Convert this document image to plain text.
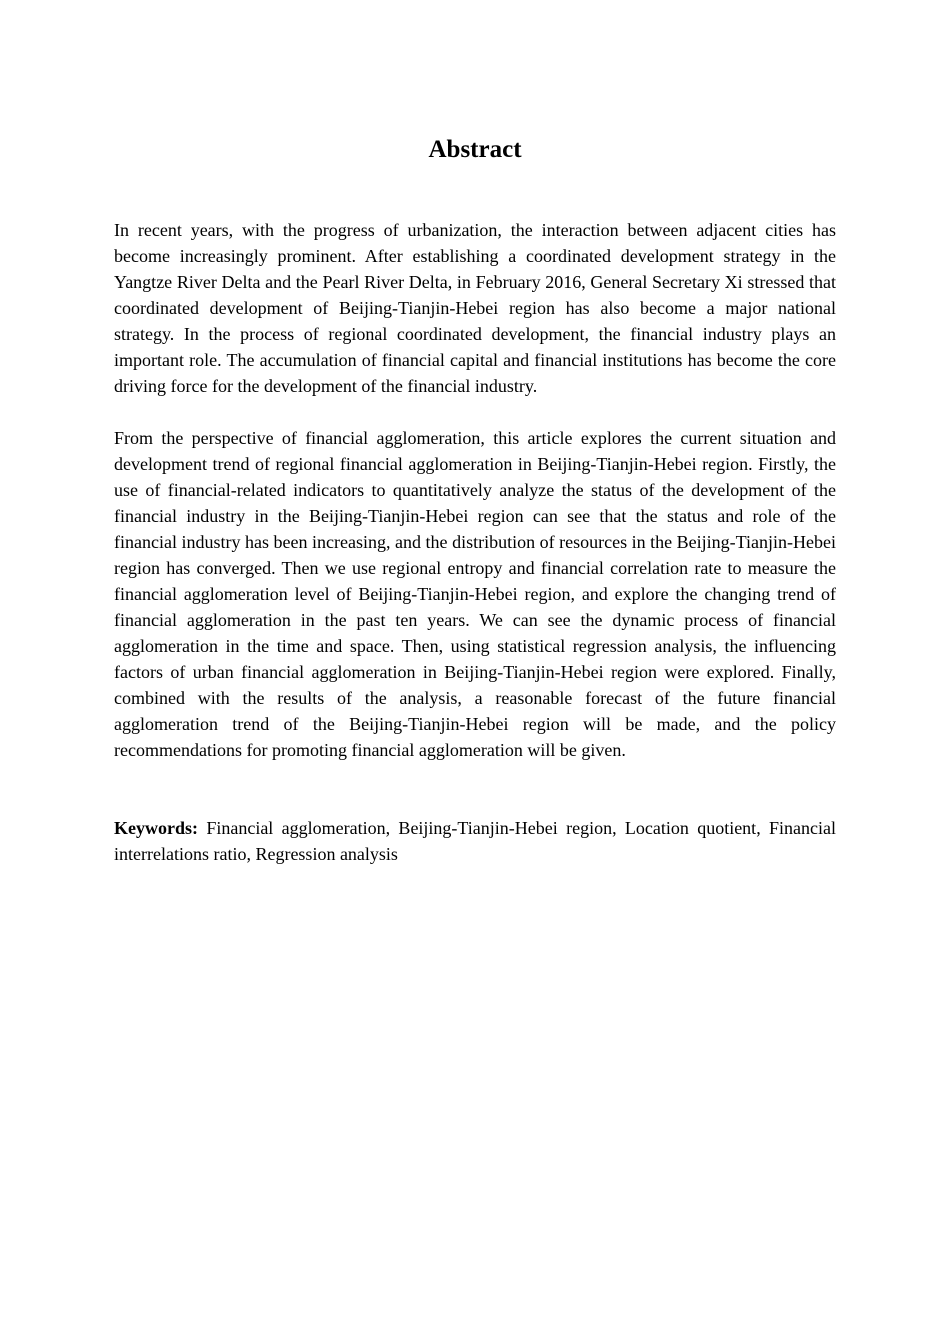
Abstract

In recent years, with the progress of urbanization, the interaction between adjacent cities has become increasingly prominent. After establishing a coordinated development strategy in the Yangtze River Delta and the Pearl River Delta, in February 2016, General Secretary Xi stressed that coordinated development of Beijing-Tianjin-Hebei region has also become a major national strategy. In the process of regional coordinated development, the financial industry plays an important role. The accumulation of financial capital and financial institutions has become the core driving force for the development of the financial industry.

From the perspective of financial agglomeration, this article explores the current situation and development trend of regional financial agglomeration in Beijing-Tianjin-Hebei region. Firstly, the use of financial-related indicators to quantitatively analyze the status of the development of the financial industry in the Beijing-Tianjin-Hebei region can see that the status and role of the financial industry has been increasing, and the distribution of resources in the Beijing-Tianjin-Hebei region has converged. Then we use regional entropy and financial correlation rate to measure the financial agglomeration level of Beijing-Tianjin-Hebei region, and explore the changing trend of financial agglomeration in the past ten years. We can see the dynamic process of financial agglomeration in the time and space. Then, using statistical regression analysis, the influencing factors of urban financial agglomeration in Beijing-Tianjin-Hebei region were explored. Finally, combined with the results of the analysis, a reasonable forecast of the future financial agglomeration trend of the Beijing-Tianjin-Hebei region will be made, and the policy recommendations for promoting financial agglomeration will be given.

Keywords: Financial agglomeration, Beijing-Tianjin-Hebei region, Location quotient, Financial interrelations ratio, Regression analysis
